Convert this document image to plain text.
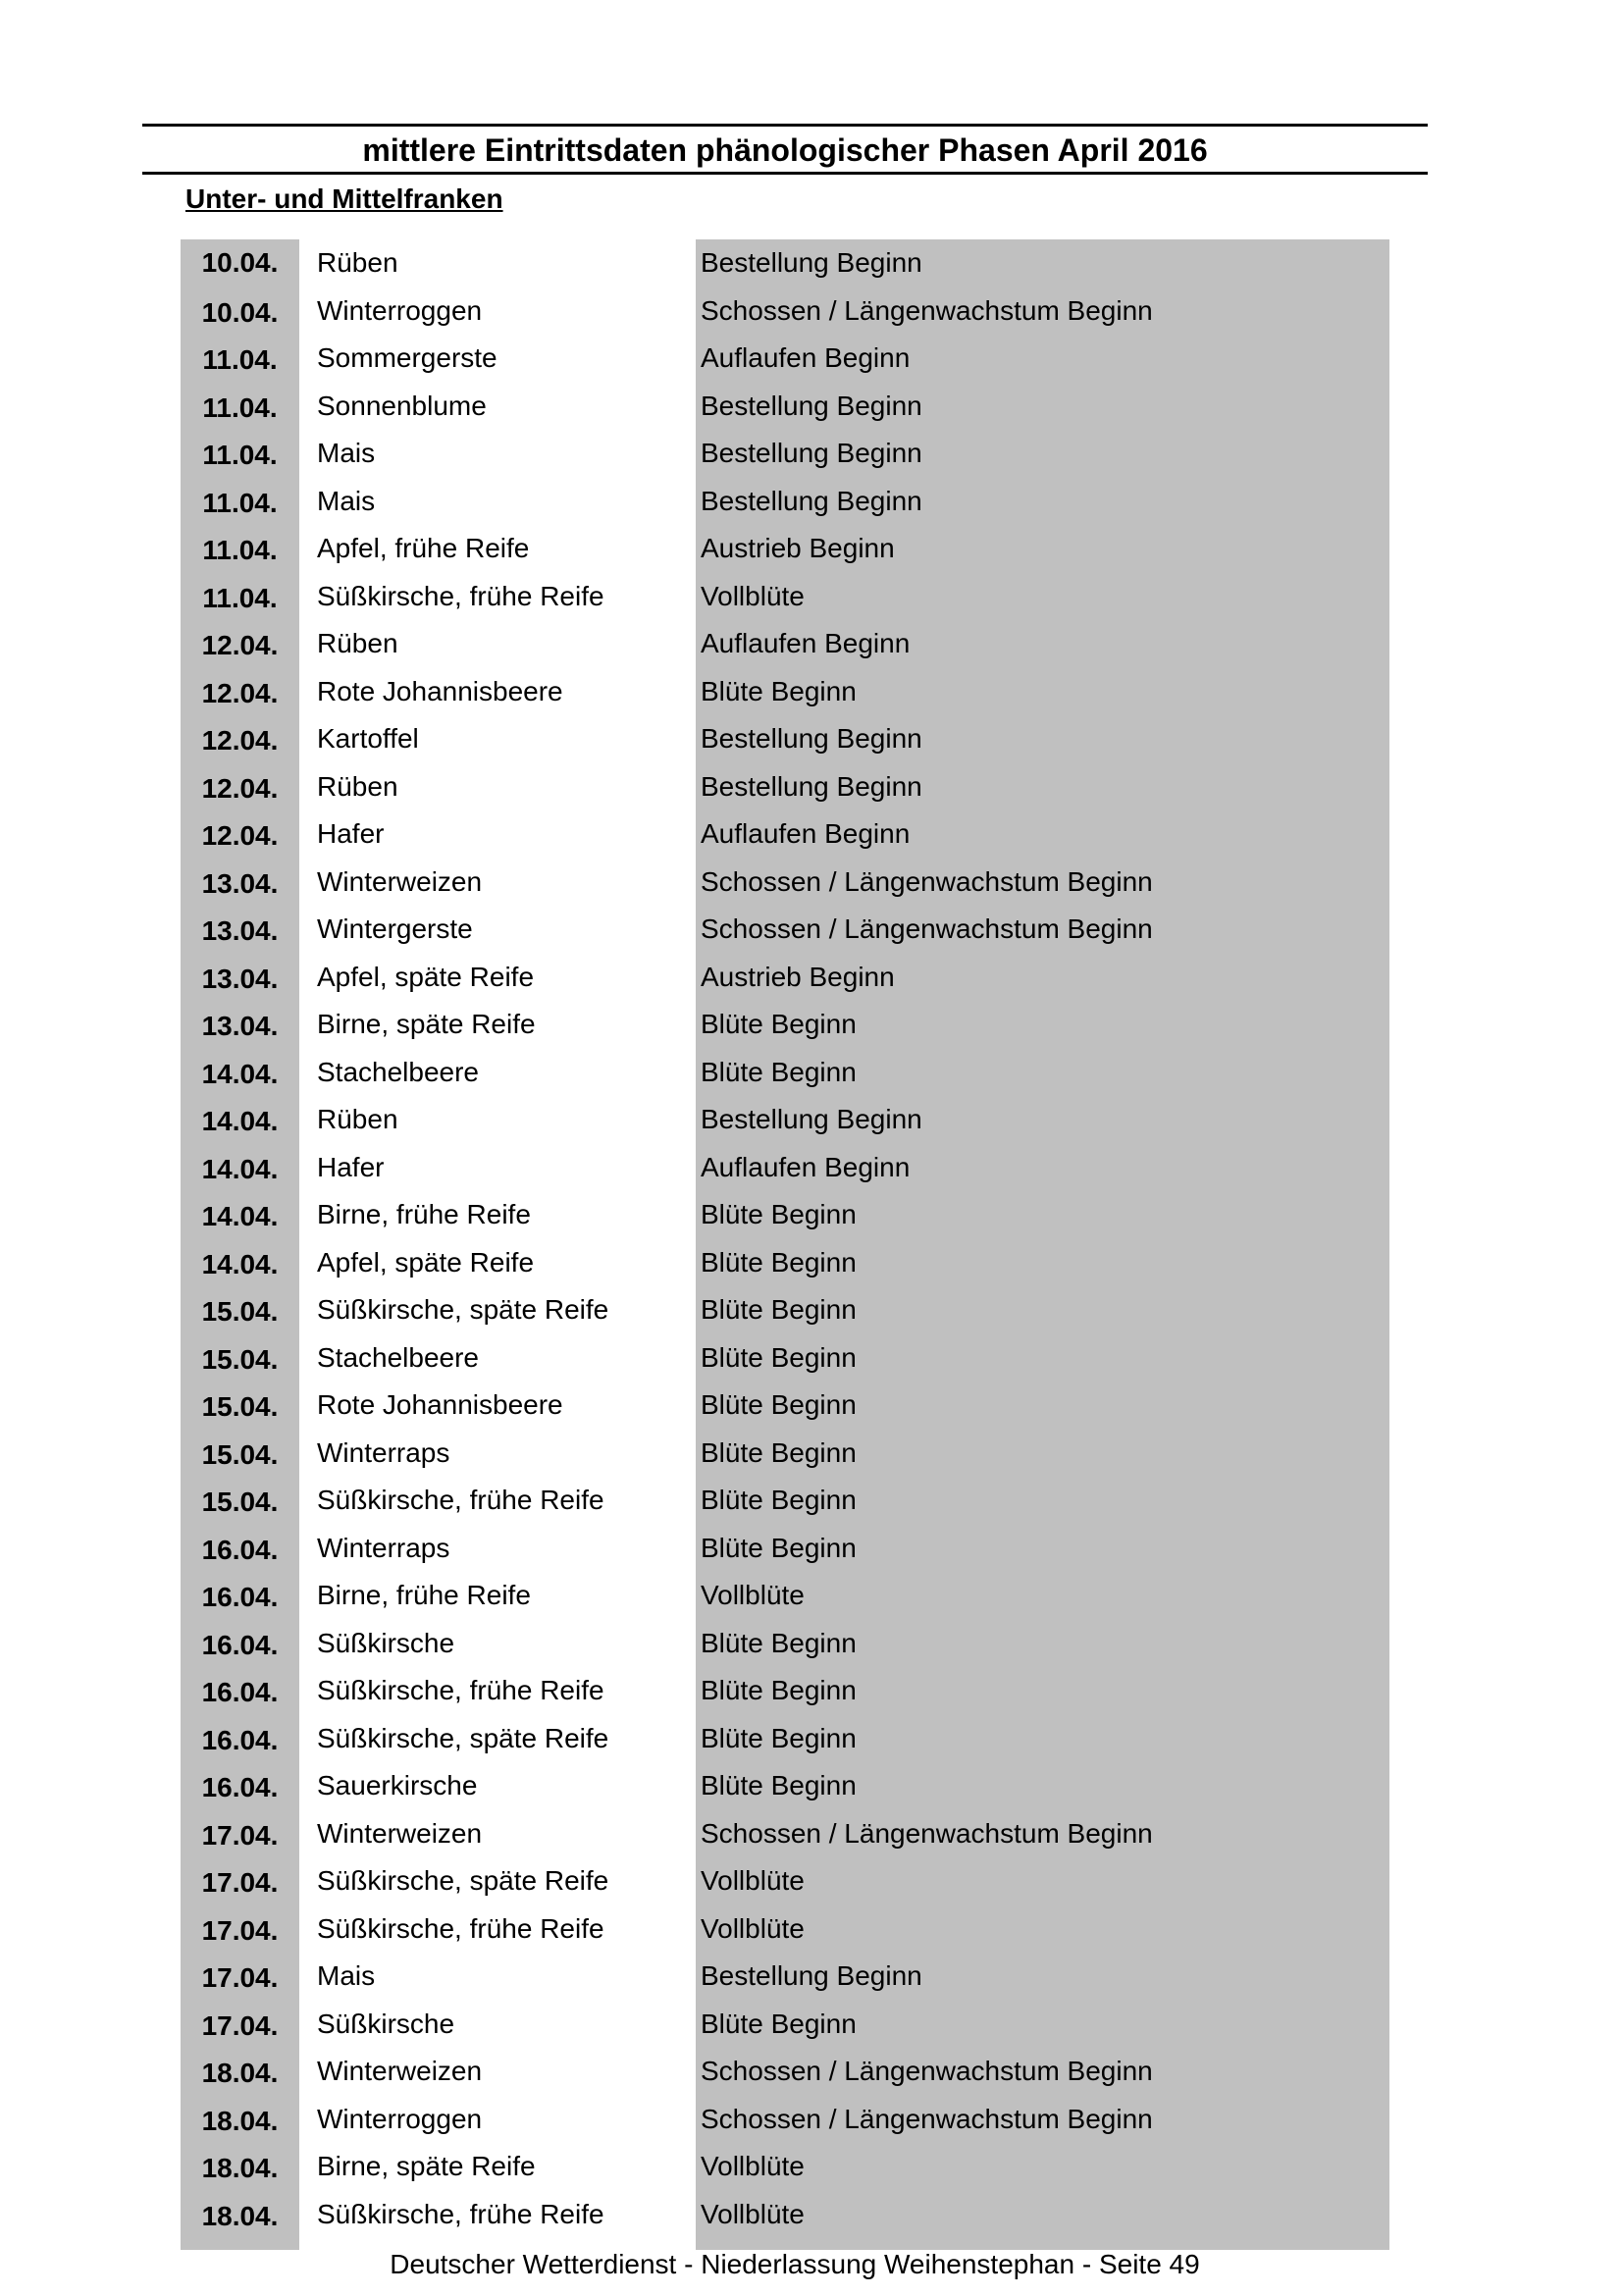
mittlere Eintrittsdaten phänologischer Phasen April 2016
Unter- und Mittelfranken
10.04.	Rüben	Bestellung Beginn
10.04.	Winterroggen	Schossen / Längenwachstum Beginn
11.04.	Sommergerste	Auflaufen Beginn
11.04.	Sonnenblume	Bestellung Beginn
11.04.	Mais	Bestellung Beginn
11.04.	Mais	Bestellung Beginn
11.04.	Apfel, frühe Reife	Austrieb Beginn
11.04.	Süßkirsche, frühe Reife	Vollblüte
12.04.	Rüben	Auflaufen Beginn
12.04.	Rote Johannisbeere	Blüte Beginn
12.04.	Kartoffel	Bestellung Beginn
12.04.	Rüben	Bestellung Beginn
12.04.	Hafer	Auflaufen Beginn
13.04.	Winterweizen	Schossen / Längenwachstum Beginn
13.04.	Wintergerste	Schossen / Längenwachstum Beginn
13.04.	Apfel, späte Reife	Austrieb Beginn
13.04.	Birne, späte Reife	Blüte Beginn
14.04.	Stachelbeere	Blüte Beginn
14.04.	Rüben	Bestellung Beginn
14.04.	Hafer	Auflaufen Beginn
14.04.	Birne, frühe Reife	Blüte Beginn
14.04.	Apfel, späte Reife	Blüte Beginn
15.04.	Süßkirsche, späte Reife	Blüte Beginn
15.04.	Stachelbeere	Blüte Beginn
15.04.	Rote Johannisbeere	Blüte Beginn
15.04.	Winterraps	Blüte Beginn
15.04.	Süßkirsche, frühe Reife	Blüte Beginn
16.04.	Winterraps	Blüte Beginn
16.04.	Birne, frühe Reife	Vollblüte
16.04.	Süßkirsche	Blüte Beginn
16.04.	Süßkirsche, frühe Reife	Blüte Beginn
16.04.	Süßkirsche, späte Reife	Blüte Beginn
16.04.	Sauerkirsche	Blüte Beginn
17.04.	Winterweizen	Schossen / Längenwachstum Beginn
17.04.	Süßkirsche, späte Reife	Vollblüte
17.04.	Süßkirsche, frühe Reife	Vollblüte
17.04.	Mais	Bestellung Beginn
17.04.	Süßkirsche	Blüte Beginn
18.04.	Winterweizen	Schossen / Längenwachstum Beginn
18.04.	Winterroggen	Schossen / Längenwachstum Beginn
18.04.	Birne, späte Reife	Vollblüte
18.04.	Süßkirsche, frühe Reife	Vollblüte
Deutscher Wetterdienst - Niederlassung Weihenstephan - Seite 49
